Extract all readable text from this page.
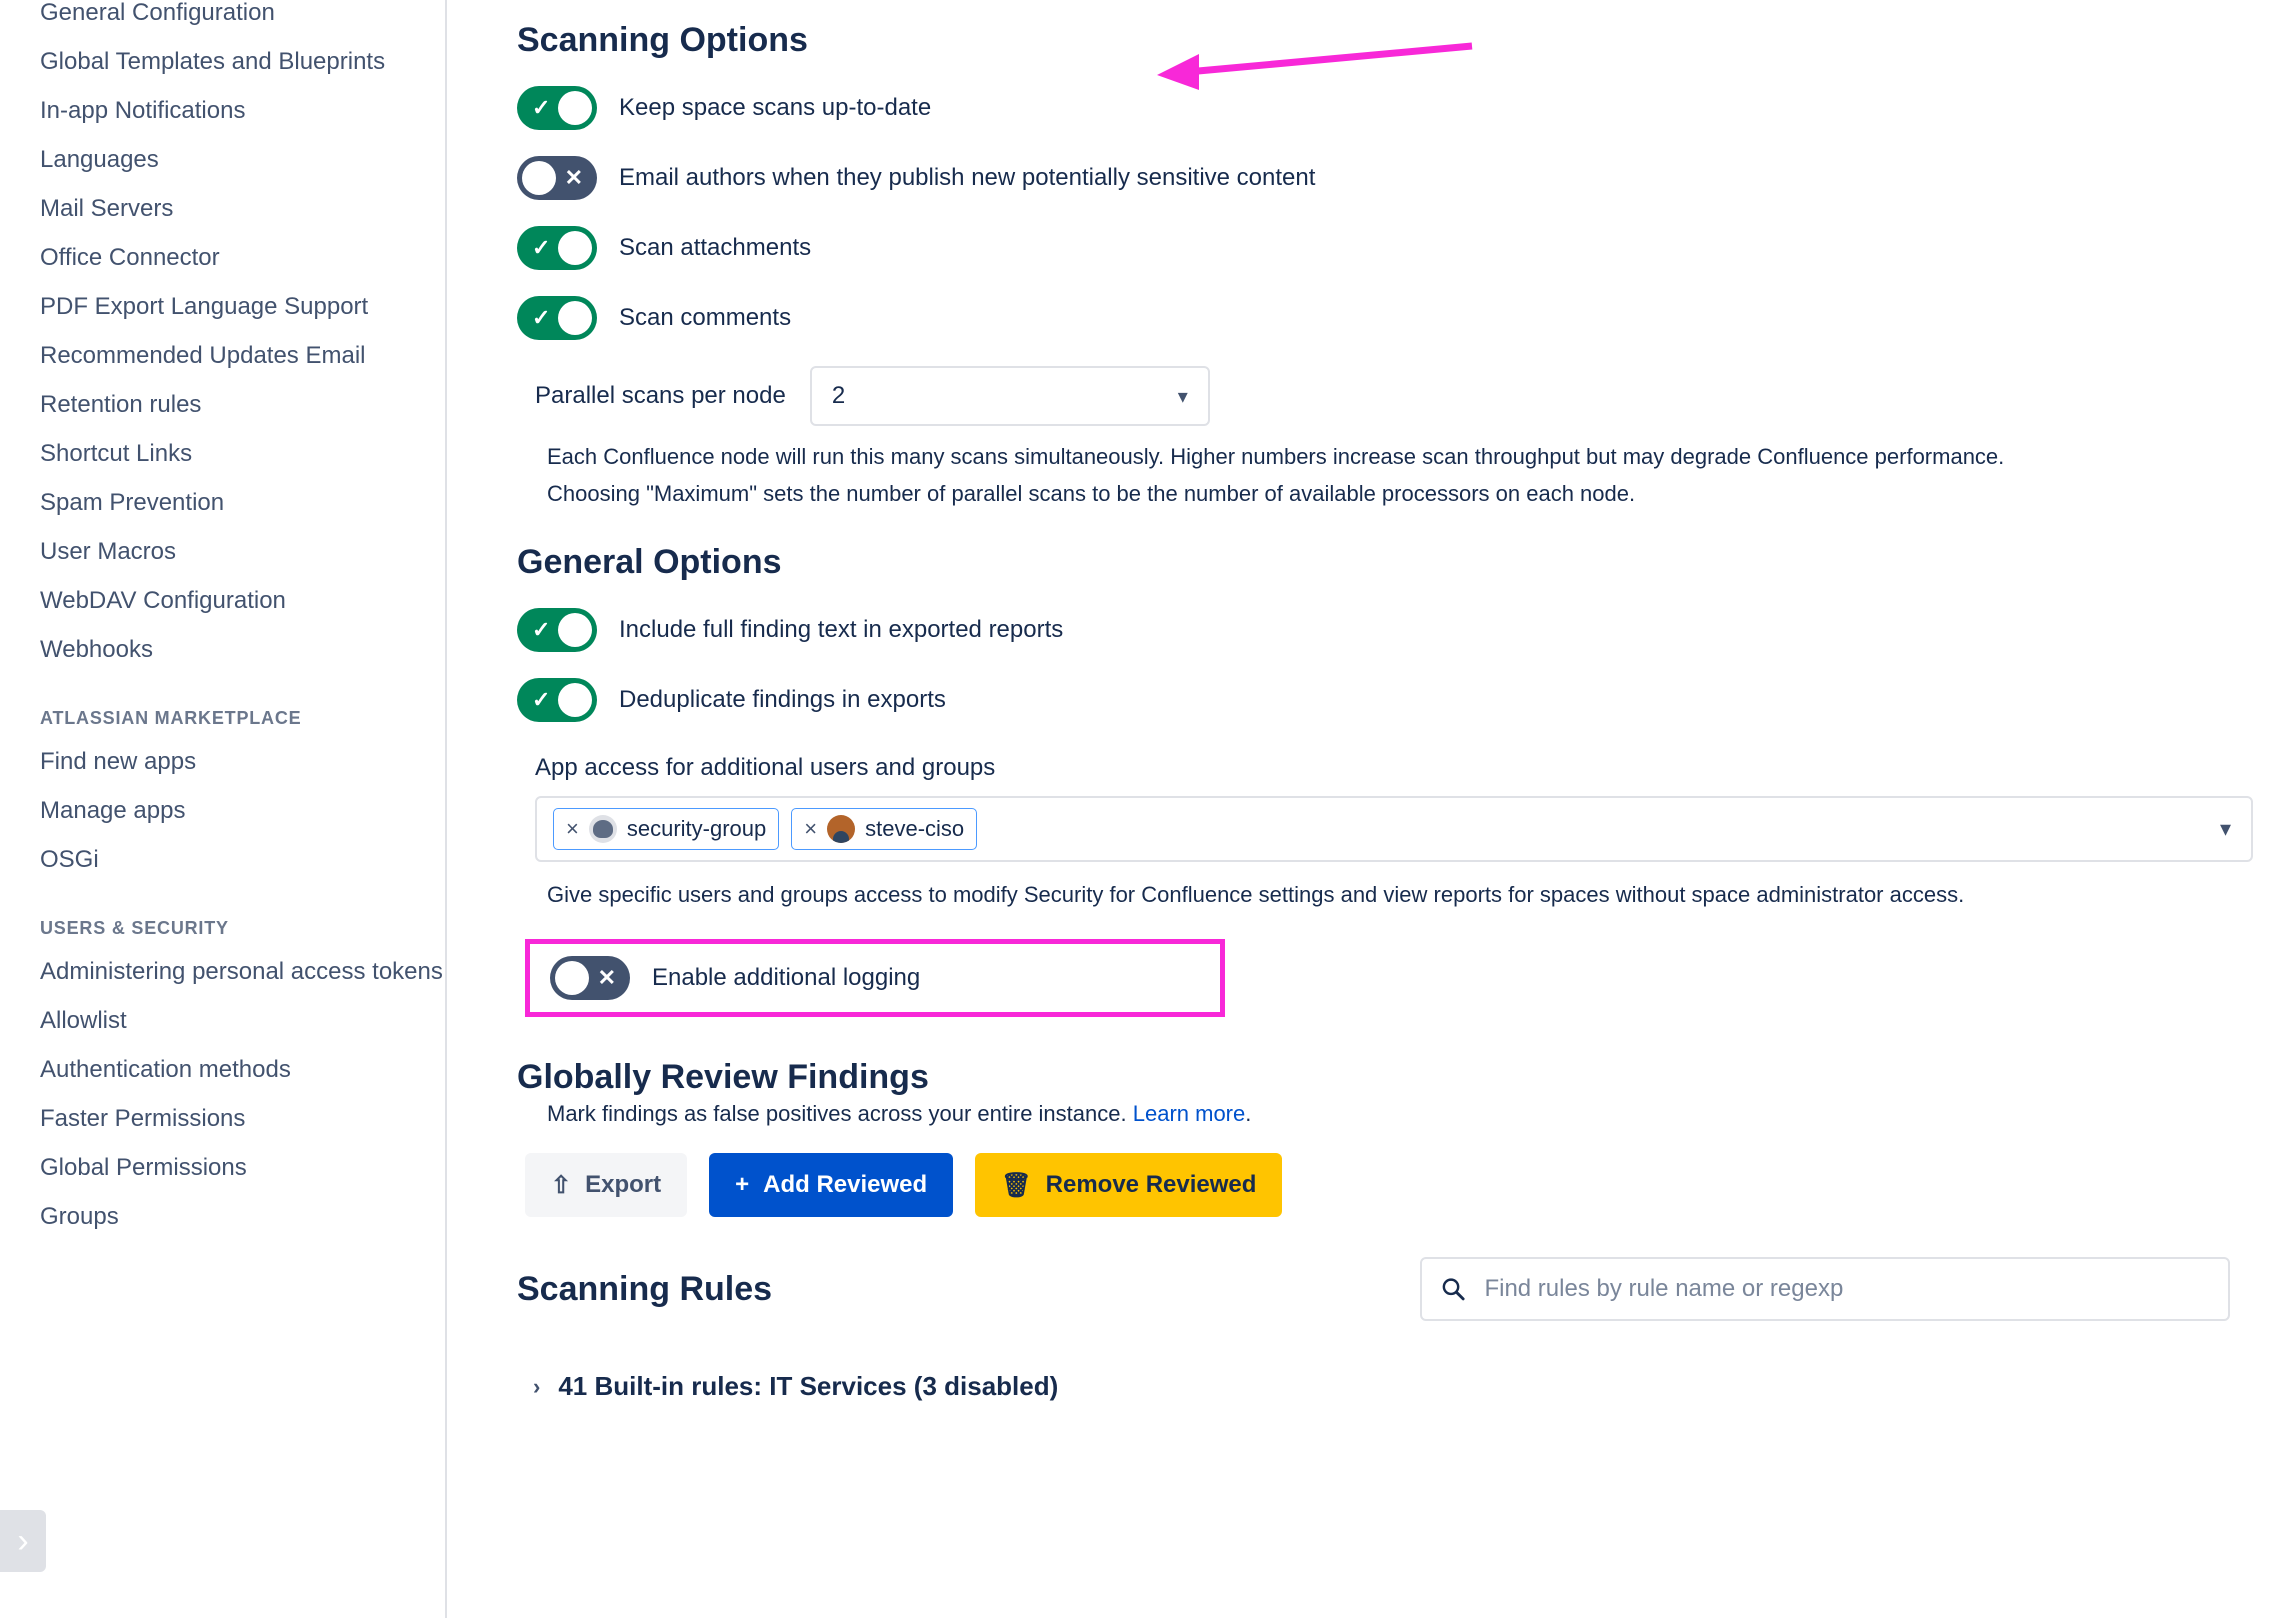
General Configuration
Global Templates and Blueprints
In-app Notifications
Languages
Mail Servers
Office Connector
PDF Export Language Support
Recommended Updates Email
Retention rules
Shortcut Links
Spam Prevention
User Macros
WebDAV Configuration
Webhooks
ATLASSIAN MARKETPLACE
Find new apps
Manage apps
OSGi
USERS & SECURITY
Administering personal access tokens
Allowlist
Authentication methods
Faster Permissions
Global Permissions
Groups
›
Scanning Options
✓	Keep space scans up-to-date
✕ Email authors when they publish new potentially sensitive content
✓	Scan attachments
✓	Scan comments
Parallel scans per node 2	▾
Each Confluence node will run this many scans simultaneously. Higher numbers increase scan throughput but may degrade Confluence performance.
Choosing "Maximum" sets the number of parallel scans to be the number of available processors on each node.
General Options
✓	Include full finding text in exported reports
✓	Deduplicate findings in exports
App access for additional users and groups
× security-group × steve-ciso	▾
Give specific users and groups access to modify Security for Confluence settings and view reports for spaces without space administrator access.
✕ Enable additional logging
Globally Review Findings
Mark findings as false positives across your entire instance. Learn more.
⇧ Export	+ Add Reviewed	🗑 Remove Reviewed
Scanning Rules
Find rules by rule name or regexp
› 41 Built-in rules: IT Services (3 disabled)
